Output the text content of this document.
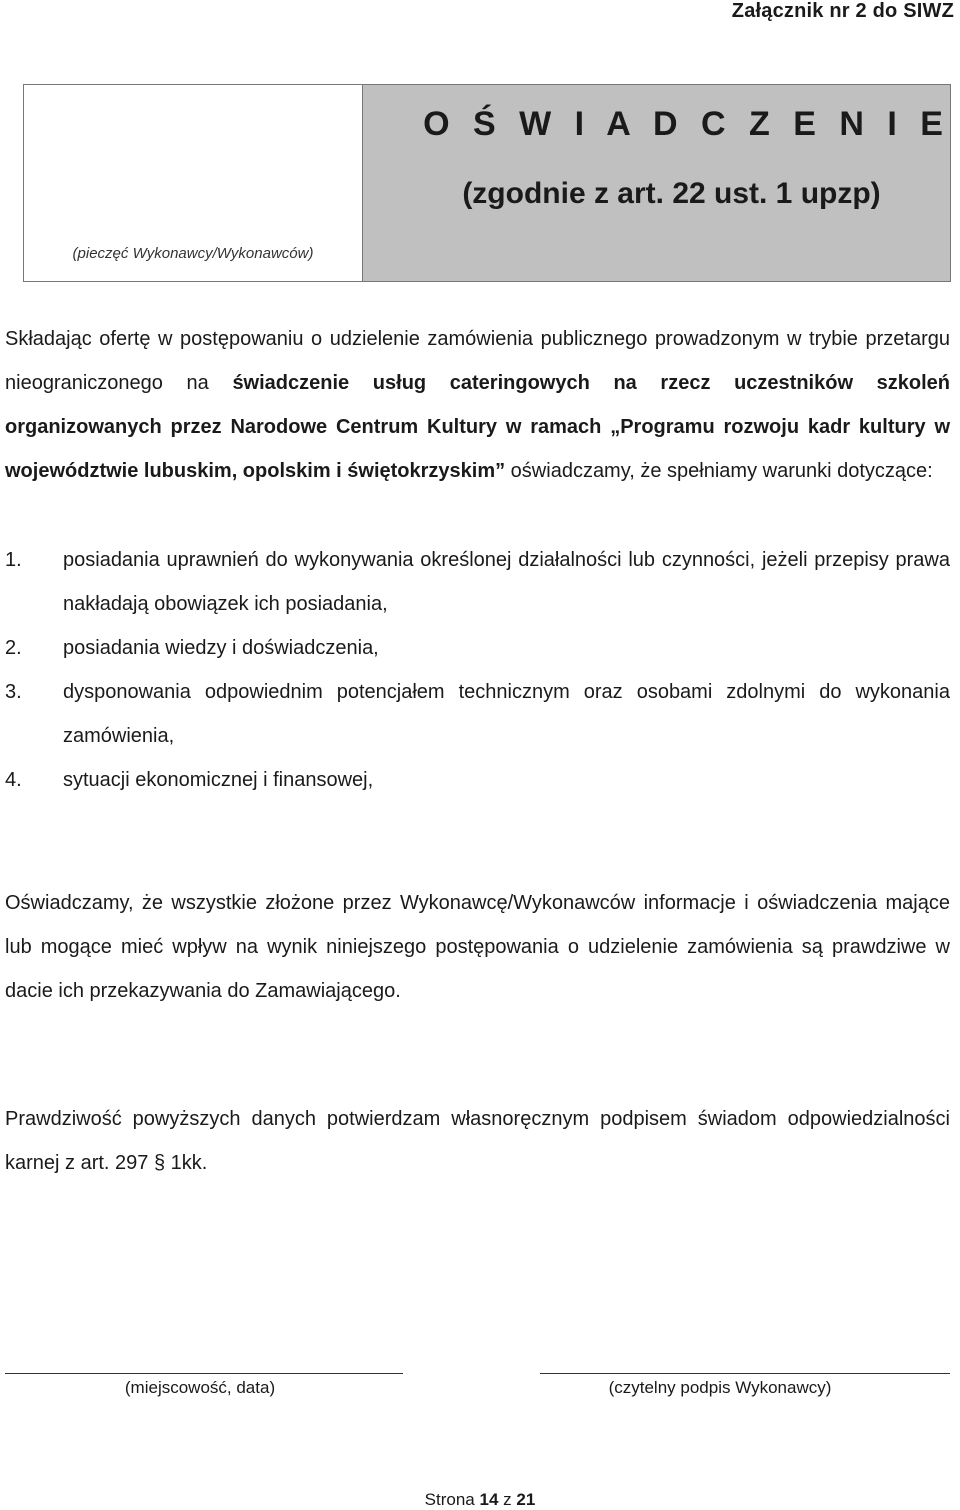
Załącznik nr 2 do SIWZ
(pieczęć Wykonawcy/Wykonawców)
O Ś W I A D C Z E N I E
(zgodnie z art. 22 ust. 1 upzp)
Składając ofertę w postępowaniu o udzielenie zamówienia publicznego prowadzonym w trybie przetargu nieograniczonego na świadczenie usług cateringowych na rzecz uczestników szkoleń organizowanych przez Narodowe Centrum Kultury w ramach „Programu rozwoju kadr kultury w województwie lubuskim, opolskim i świętokrzyskim” oświadczamy, że spełniamy warunki dotyczące:
1.	posiadania uprawnień do wykonywania określonej działalności lub czynności, jeżeli przepisy prawa nakładają obowiązek ich posiadania,
2.	posiadania wiedzy i doświadczenia,
3.	dysponowania odpowiednim potencjałem technicznym oraz osobami zdolnymi do wykonania zamówienia,
4.	sytuacji ekonomicznej i finansowej,
Oświadczamy, że wszystkie złożone przez Wykonawcę/Wykonawców informacje i oświadczenia mające lub mogące mieć wpływ na wynik niniejszego postępowania o udzielenie zamówienia są prawdziwe w dacie ich przekazywania do Zamawiającego.
Prawdziwość powyższych danych potwierdzam własnoręcznym podpisem świadom odpowiedzialności karnej z art. 297 § 1kk.
(miejscowość, data)	(czytelny podpis Wykonawcy)
Strona 14 z 21
